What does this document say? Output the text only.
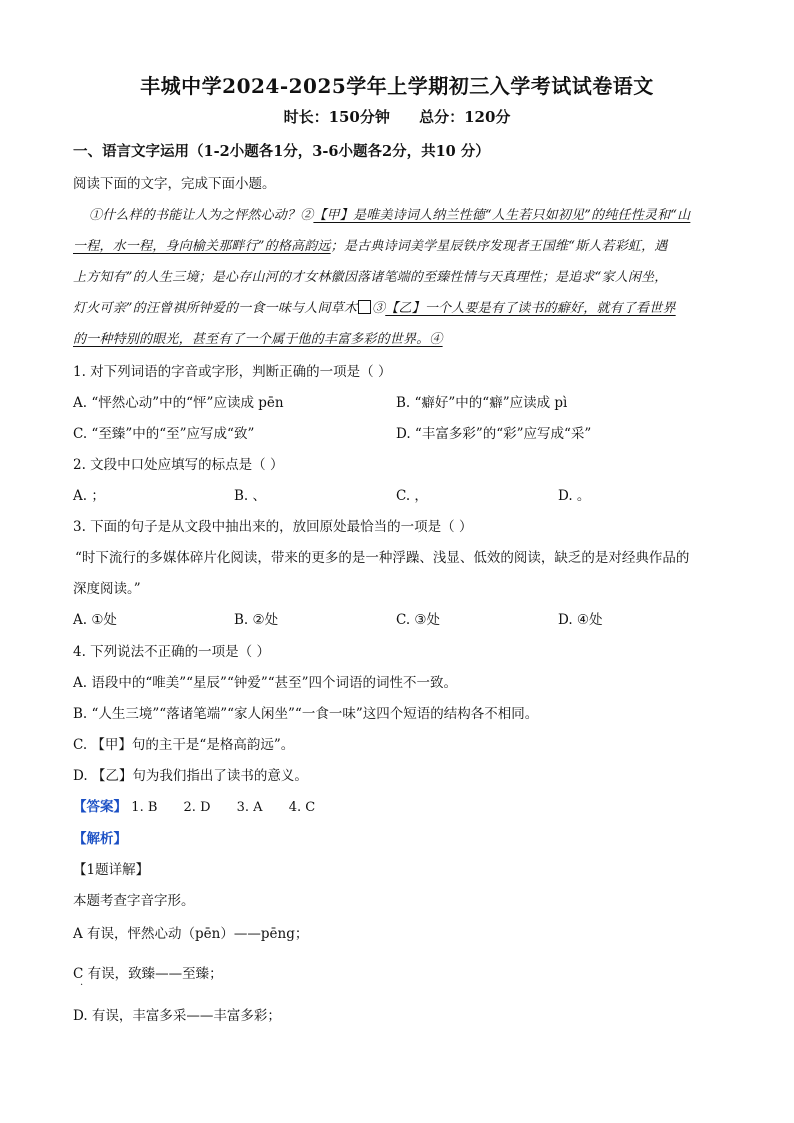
丰城中学2024-2025学年上学期初三入学考试试卷语文
时长：150分钟 总分：120分
一、语言文字运用（1-2小题各1分，3-6小题各2分，共10 分）
阅读下面的文字，完成下面小题。
①什么样的书能让人为之怦然心动？②【甲】是唯美诗词人纳兰性德“人生若只如初见”的纯任性灵和“山
一程，水一程，身向榆关那畔行”的格高韵远；是古典诗词美学星辰铁序发现者王国维“斯人若彩虹，遇
上方知有”的人生三境；是心存山河的才女林徽因落诸笔端的至臻性情与天真理性；是追求“家人闲坐，
灯火可亲”的汪曾祺所钟爱的一食一味与人间草木 ③【乙】一个人要是有了读书的癖好，就有了看世界
的一种特别的眼光，甚至有了一个属于他的丰富多彩的世界。④
1. 对下列词语的字音或字形，判断正确的一项是（ ）
A. “怦然心动”中的“怦”应读成 pēn	B. “癖好”中的“癖”应读成 pì
C. “至臻”中的“至”应写成“致”	D. “丰富多彩”的“彩”应写成“采”
2. 文段中口处应填写的标点是（ ）
A. ；	B. 、	C. ，	D. 。
3. 下面的句子是从文段中抽出来的，放回原处最恰当的一项是（ ）
“时下流行的多媒体碎片化阅读，带来的更多的是一种浮躁、浅显、低效的阅读，缺乏的是对经典作品的
深度阅读。”
A. ①处	B. ②处	C. ③处	D. ④处
4. 下列说法不正确的一项是（ ）
A. 语段中的“唯美”“星辰”“钟爱”“甚至”四个词语的词性不一致。
B. “人生三境”“落诸笔端”“家人闲坐”“一食一味”这四个短语的结构各不相同。
C. 【甲】句的主干是“是格高韵远”。
D. 【乙】句为我们指出了读书的意义。
【答案】 1. B 2. D 3. A 4. C
【解析】
【1题详解】
本题考查字音字形。
A 有误，怦然心动（pēn）——pēng；
C 有误，致臻——至臻；
·
D. 有误，丰富多采——丰富多彩；
